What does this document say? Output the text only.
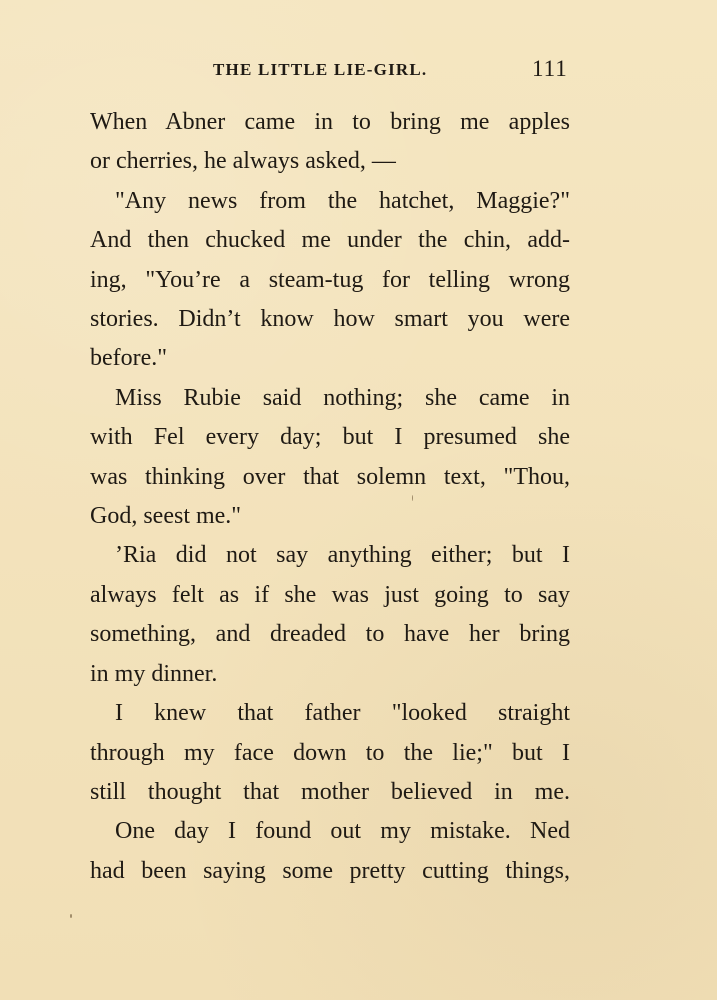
THE LITTLE LIE-GIRL.	111
When Abner came in to bring me apples
or cherries, he always asked, —
"Any news from the hatchet, Maggie?"
And then chucked me under the chin, add-
ing, "You’re a steam-tug for telling wrong
stories. Didn’t know how smart you were
before."
Miss Rubie said nothing; she came in
with Fel every day; but I presumed she
was thinking over that solemn text, "Thou,
God, seest me."
’Ria did not say anything either; but I
always felt as if she was just going to say
something, and dreaded to have her bring
in my dinner.
I knew that father "looked straight
through my face down to the lie;" but I
still thought that mother believed in me.
One day I found out my mistake. Ned
had been saying some pretty cutting things,
